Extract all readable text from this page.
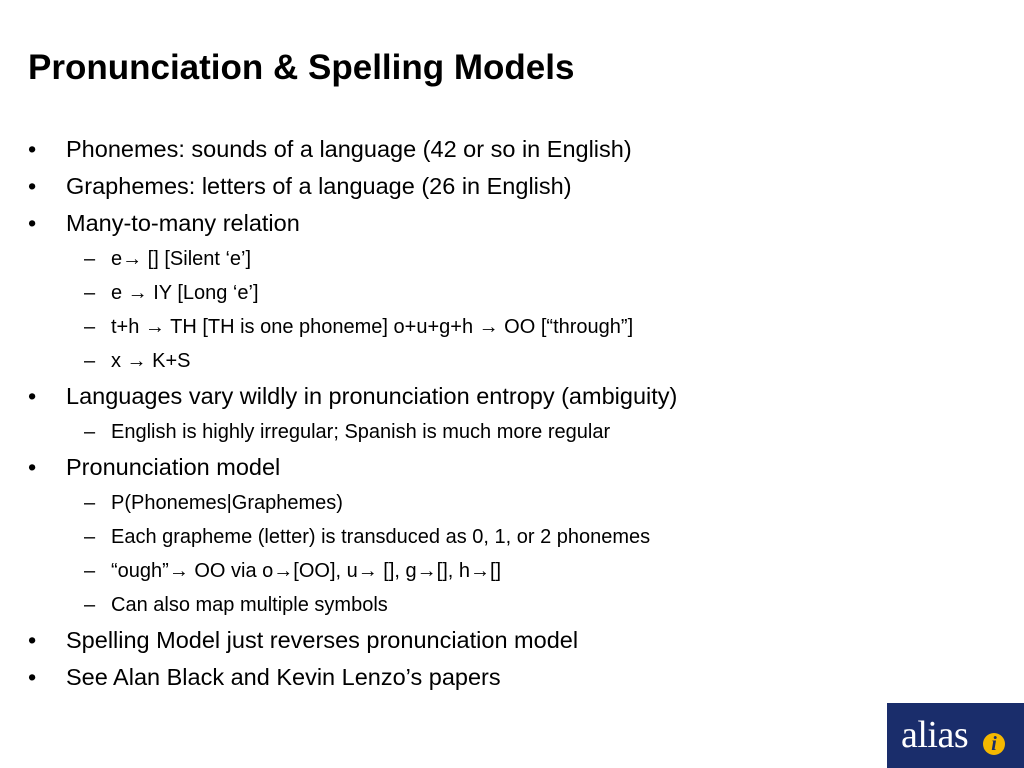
Pronunciation & Spelling Models
• Phonemes: sounds of a language (42 or so in English)
• Graphemes: letters of a language (26 in English)
• Many-to-many relation
– e→ [] [Silent ‘e’]
– e → IY [Long ‘e’]
– t+h → TH [TH is one phoneme] o+u+g+h → OO [“through”]
– x → K+S
• Languages vary wildly in pronunciation entropy (ambiguity)
– English is highly irregular; Spanish is much more regular
• Pronunciation model
– P(Phonemes|Graphemes)
– Each grapheme (letter) is transduced as 0, 1, or 2 phonemes
– “ough”→ OO via o→[OO], u→ [], g→[], h→[]
– Can also map multiple symbols
• Spelling Model just reverses pronunciation model
• See Alan Black and Kevin Lenzo’s papers
alias	i
